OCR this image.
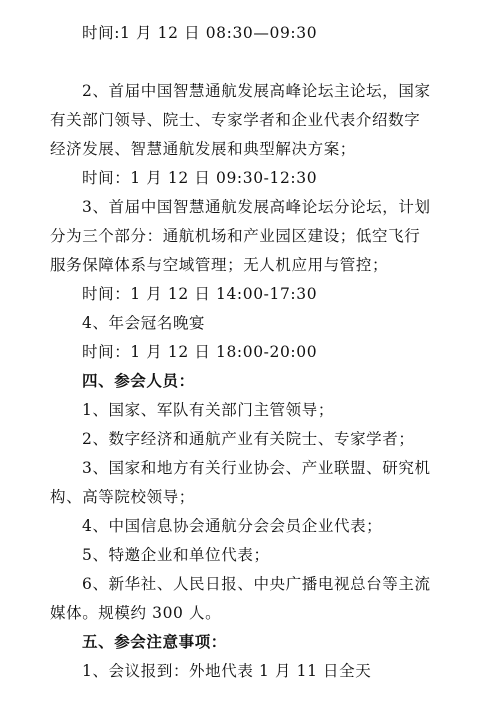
时间:1 月 12 日 08:30—09:30
2、首届中国智慧通航发展高峰论坛主论坛，国家
有关部门领导、院士、专家学者和企业代表介绍数字
经济发展、智慧通航发展和典型解决方案；
时间：1 月 12 日 09:30-12:30
3、首届中国智慧通航发展高峰论坛分论坛，计划
分为三个部分：通航机场和产业园区建设；低空飞行
服务保障体系与空域管理；无人机应用与管控；
时间：1 月 12 日 14:00-17:30
4、年会冠名晚宴
时间：1 月 12 日 18:00-20:00
四、参会人员：
1、国家、军队有关部门主管领导；
2、数字经济和通航产业有关院士、专家学者；
3、国家和地方有关行业协会、产业联盟、研究机
构、高等院校领导；
4、中国信息协会通航分会会员企业代表；
5、特邀企业和单位代表；
6、新华社、人民日报、中央广播电视总台等主流
媒体。规模约 300 人。
五、参会注意事项：
1、会议报到：外地代表 1 月 11 日全天
